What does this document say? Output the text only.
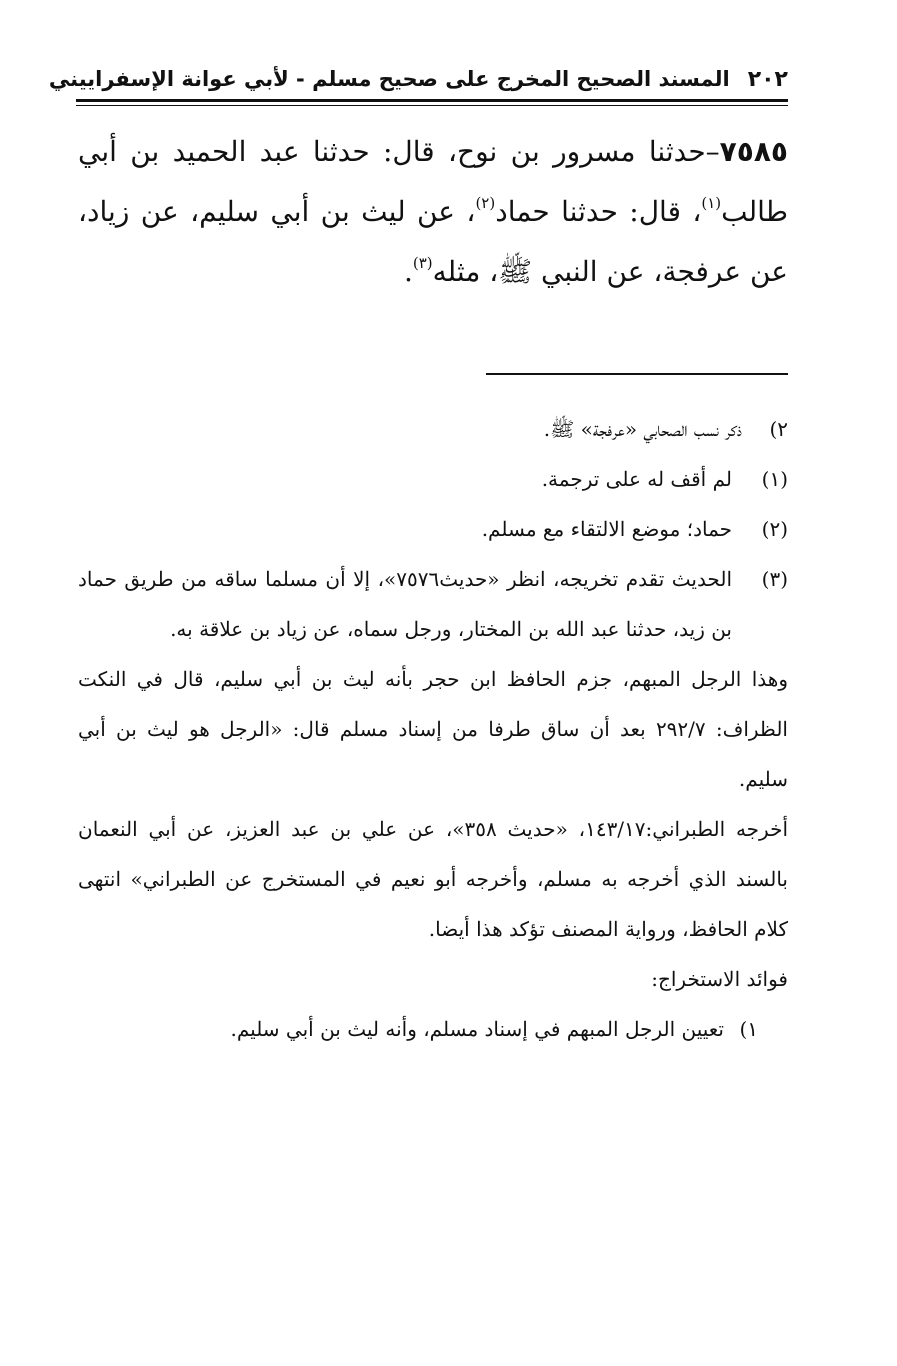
٢٠٢
المسند الصحيح المخرج على صحيح مسلم - لأبي عوانة الإسفراييني
٧٥٨٥–حدثنا مسرور بن نوح، قال: حدثنا عبد الحميد بن أبي طالب$^{(١)}$، قال: حدثنا حماد$^{(٢)}$، عن ليث بن أبي سليم، عن زياد، عن عرفجة، عن النبي ﷺ، مثله$^{(٣)}$.
٢)
ذكر نسب الصحابي «عرفجة» ﷺ.
(١)
لم أقف له على ترجمة.
(٢)
حماد؛ موضع الالتقاء مع مسلم.
(٣)
الحديث تقدم تخريجه، انظر «حديث٧٥٧٦»، إلا أن مسلما ساقه من طريق حماد بن زيد، حدثنا عبد الله بن المختار، ورجل سماه، عن زياد بن علاقة به.
وهذا الرجل المبهم، جزم الحافظ ابن حجر بأنه ليث بن أبي سليم، قال في النكت الظراف: ٢٩٢/٧ بعد أن ساق طرفا من إسناد مسلم قال: «الرجل هو ليث بن أبي سليم.
أخرجه الطبراني:١٤٣/١٧، «حديث ٣٥٨»، عن علي بن عبد العزيز، عن أبي النعمان بالسند الذي أخرجه به مسلم، وأخرجه أبو نعيم في المستخرج عن الطبراني» انتهى كلام الحافظ، ورواية المصنف تؤكد هذا أيضا.
فوائد الاستخراج:
١)
تعيين الرجل المبهم في إسناد مسلم، وأنه ليث بن أبي سليم.
